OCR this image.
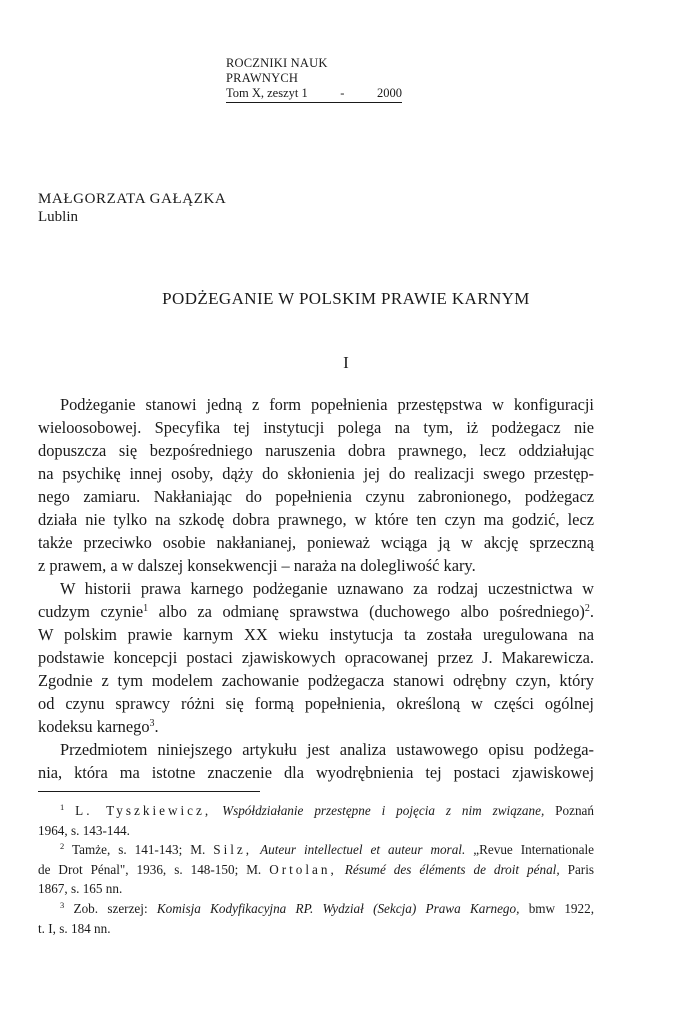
ROCZNIKI NAUK PRAWNYCH
Tom X, zeszyt 1	-	2000
MAŁGORZATA GAŁĄZKA
Lublin
PODŻEGANIE W POLSKIM PRAWIE KARNYM
I
Podżeganie stanowi jedną z form popełnienia przestępstwa w konfiguracji
wieloosobowej. Specyfika tej instytucji polega na tym, iż podżegacz nie
dopuszcza się bezpośredniego naruszenia dobra prawnego, lecz oddziałując
na psychikę innej osoby, dąży do skłonienia jej do realizacji swego przestęp-
nego zamiaru. Nakłaniając do popełnienia czynu zabronionego, podżegacz
działa nie tylko na szkodę dobra prawnego, w które ten czyn ma godzić, lecz
także przeciwko osobie nakłanianej, ponieważ wciąga ją w akcję sprzeczną
z prawem, a w dalszej konsekwencji – naraża na dolegliwość kary.
W historii prawa karnego podżeganie uznawano za rodzaj uczestnictwa w
cudzym czynie$^1$ albo za odmianę sprawstwa (duchowego albo pośredniego)$^2$.
W polskim prawie karnym XX wieku instytucja ta została uregulowana na
podstawie koncepcji postaci zjawiskowych opracowanej przez J. Makarewicza.
Zgodnie z tym modelem zachowanie podżegacza stanowi odrębny czyn, który
od czynu sprawcy różni się formą popełnienia, określoną w części ogólnej
kodeksu karnego$^3$.
Przedmiotem niniejszego artykułu jest analiza ustawowego opisu podżega-
nia, która ma istotne znaczenie dla wyodrębnienia tej postaci zjawiskowej
$^1$ L. Tyszkiewicz, Współdziałanie przestępne i pojęcia z nim związane, Poznań
1964, s. 143-144.
$^2$ Tamże, s. 141-143; M. Silz, Auteur intellectuel et auteur moral. „Revue Internationale
de Drot Pénal", 1936, s. 148-150; M. Ortolan, Résumé des éléments de droit pénal, Paris
1867, s. 165 nn.
$^3$ Zob. szerzej: Komisja Kodyfikacyjna RP. Wydział (Sekcja) Prawa Karnego, bmw 1922,
t. I, s. 184 nn.
